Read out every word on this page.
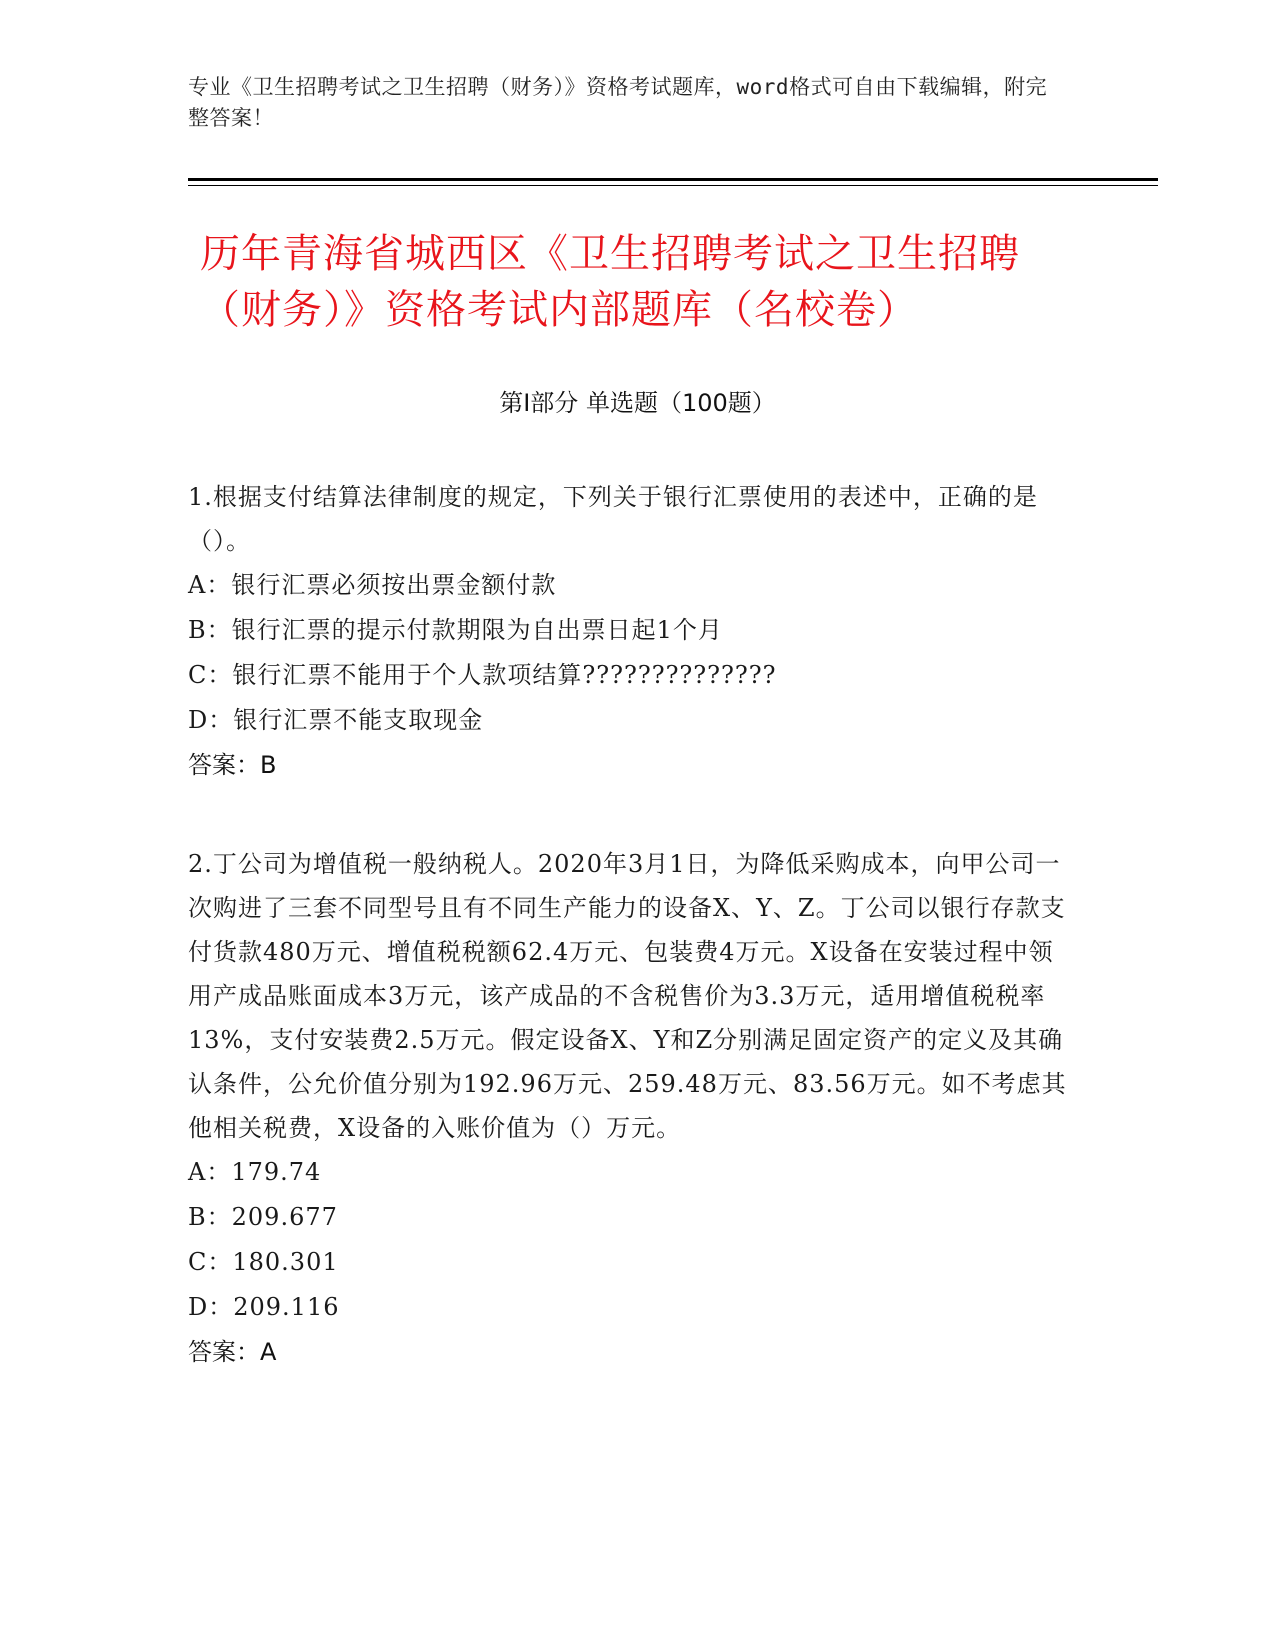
专业《卫生招聘考试之卫生招聘（财务）》资格考试题库，word格式可自由下载编辑，附完整答案！
历年青海省城西区《卫生招聘考试之卫生招聘（财务）》资格考试内部题库（名校卷）
第Ⅰ部分 单选题（100题）

1.根据支付结算法律制度的规定，下列关于银行汇票使用的表述中，正确的是（）。

A：银行汇票必须按出票金额付款

B：银行汇票的提示付款期限为自出票日起1个月

C：银行汇票不能用于个人款项结算??????????????

D：银行汇票不能支取现金

答案：B

2.丁公司为增值税一般纳税人。2020年3月1日，为降低采购成本，向甲公司一次购进了三套不同型号且有不同生产能力的设备X、Y、Z。丁公司以银行存款支付货款480万元、增值税税额62.4万元、包装费4万元。X设备在安装过程中领用产成品账面成本3万元，该产成品的不含税售价为3.3万元，适用增值税税率13%，支付安装费2.5万元。假定设备X、Y和Z分别满足固定资产的定义及其确认条件，公允价值分别为192.96万元、259.48万元、83.56万元。如不考虑其他相关税费，X设备的入账价值为（）万元。

A：179.74

B：209.677

C：180.301

D：209.116

答案：A
